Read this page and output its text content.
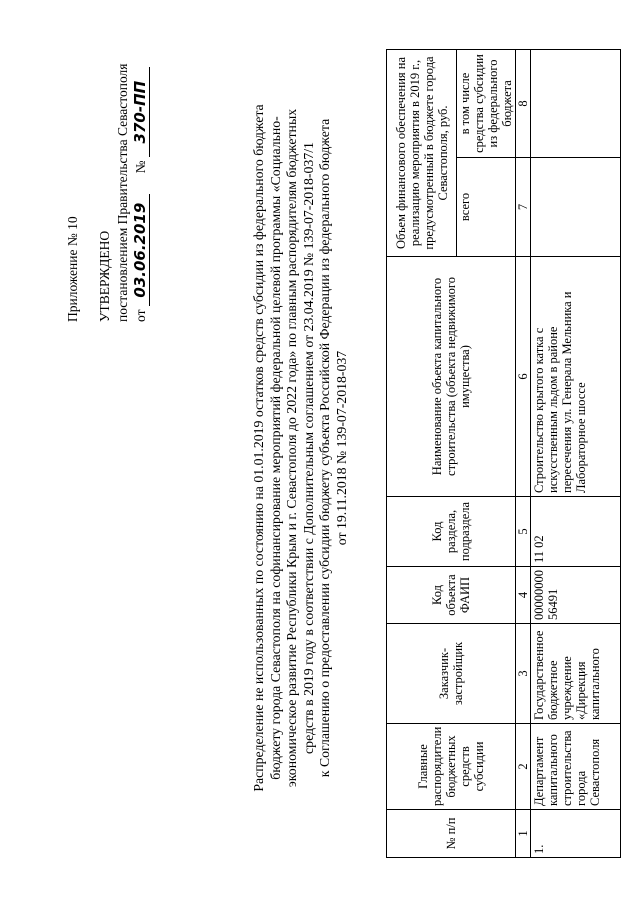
Приложение № 10 УТВЕРЖДЕНО постановлением Правительства Севастополя от 03.06.2019  № 370-ПП	Распределение не использованных по состоянию на 01.01.2019 остатков средств субсидии из федерального бюджета бюджету города Севастополя на софинансирование мероприятий федеральной целевой программы «Социально- экономическое развитие Республики Крым и г. Севастополя до 2022 года» по главным распорядителям бюджетных средств в 2019 году в соответствии с Дополнительным соглашением от 23.04.2019 № 139-07-2018-037/1 к Соглашению о предоставлении субсидии бюджету субъекта Российской Федерации из федерального бюджета от 19.11.2018 № 139-07-2018-037
№ п/п	Главные распорядители бюджетных средств субсидии	Заказчик-застройщик	Код объекта ФАИП	Код раздела, подраздела	Наименование объекта капитального строительства (объекта недвижимого имущества)	Объем финансового обеспечения на реализацию мероприятия в 2019 г., предусмотренный в бюджете города Севастополя, руб.	
						всего	в том числе средства субсидии из федерального бюджета
1	2	3	4	5	6	7	8
1.	Департамент капитального строительства города Севастополя	Государственное бюджетное учреждение «Дирекция капитального	0000000056491	11 02	Строительство крытого катка с искусственным льдом в районе пересечения ул. Генерала Мельника и Лабораторное шоссе		
